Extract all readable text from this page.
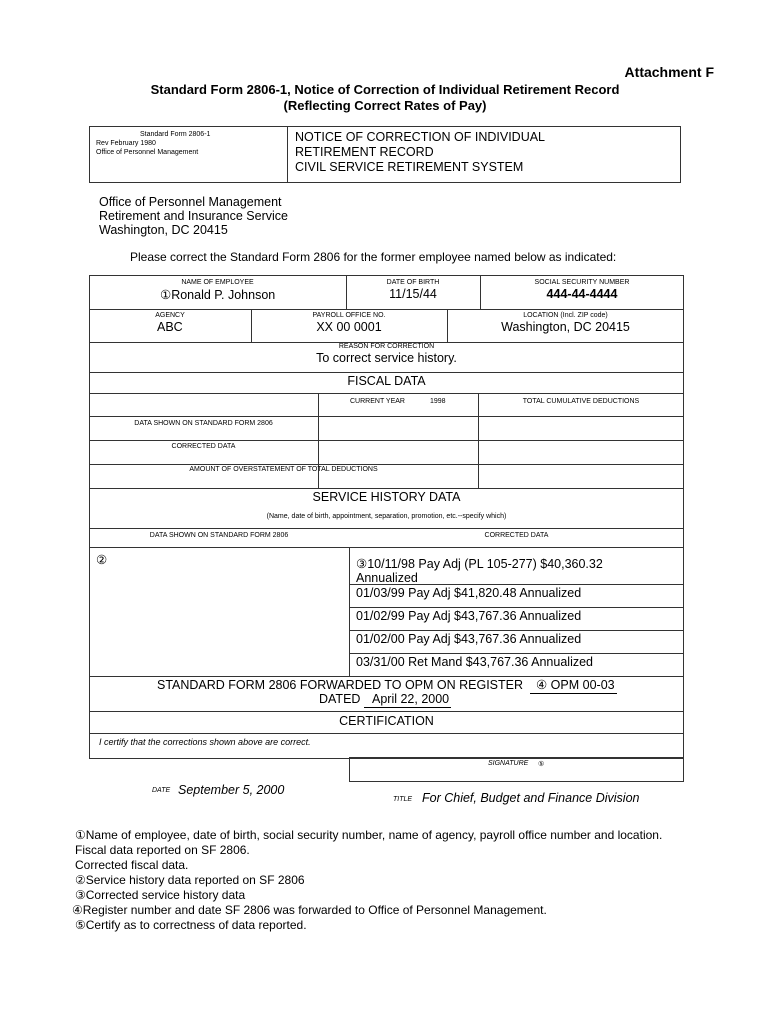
Attachment F
Standard Form 2806-1, Notice of Correction of Individual Retirement Record
(Reflecting Correct Rates of Pay)
Standard Form 2806-1
Rev February 1980
Office of Personnel Management
NOTICE OF CORRECTION OF INDIVIDUAL
RETIREMENT RECORD
CIVIL SERVICE RETIREMENT SYSTEM
Office of Personnel Management
Retirement and Insurance Service
Washington, DC 20415
Please correct the Standard Form 2806 for the former employee named below as indicated:
NAME OF EMPLOYEE
①Ronald P. Johnson
DATE OF BIRTH
11/15/44
SOCIAL SECURITY NUMBER
444-44-4444
AGENCY
ABC
PAYROLL OFFICE NO.
XX 00 0001
LOCATION (Incl. ZIP code)
Washington, DC 20415
REASON FOR CORRECTION
To correct service history.
FISCAL DATA
CURRENT YEAR	1998	TOTAL CUMULATIVE DEDUCTIONS
DATA SHOWN ON STANDARD FORM 2806
CORRECTED DATA
AMOUNT OF OVERSTATEMENT OF TOTAL DEDUCTIONS
SERVICE HISTORY DATA
(Name, date of birth, appointment, separation, promotion, etc.--specify which)
DATA SHOWN ON STANDARD FORM 2806	CORRECTED DATA
②	③10/11/98 Pay Adj (PL 105-277) $40,360.32
Annualized
01/03/99 Pay Adj $41,820.48 Annualized
01/02/99 Pay Adj $43,767.36 Annualized
01/02/00 Pay Adj $43,767.36 Annualized
03/31/00 Ret Mand $43,767.36 Annualized
STANDARD FORM 2806 FORWARDED TO OPM ON REGISTER	④ OPM 00-03
DATED April 22, 2000
CERTIFICATION
I certify that the corrections shown above are correct.
SIGNATURE ⑤
DATE September 5, 2000
TITLE For Chief, Budget and Finance Division
①Name of employee, date of birth, social security number, name of agency, payroll office number and location.
Fiscal data reported on SF 2806.
Corrected fiscal data.
②Service history data reported on SF 2806
③Corrected service history data
④Register number and date SF 2806 was forwarded to Office of Personnel Management.
⑤Certify as to correctness of data reported.
